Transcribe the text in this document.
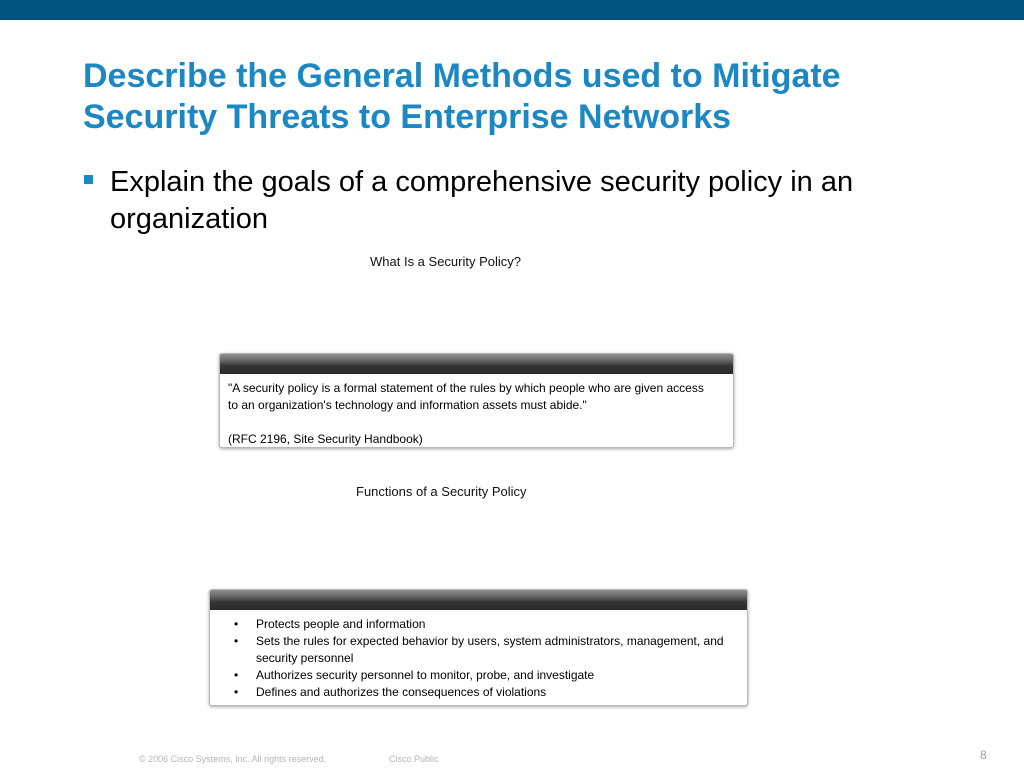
Describe the General Methods used to Mitigate
Security Threats to Enterprise Networks
Explain the goals of a comprehensive security policy in an organization
What Is a Security Policy?

"A security policy is a formal statement of the rules by which people who are given access

to an organization's technology and information assets must abide."

(RFC 2196, Site Security Handbook)

Functions of a Security Policy
•	Protects people and information
•	Sets the rules for expected behavior by users, system administrators, management, and security personnel
•	Authorizes security personnel to monitor, probe, and investigate
•	Defines and authorizes the consequences of violations
© 2006 Cisco Systems, Inc. All rights reserved.	Cisco Public	8
